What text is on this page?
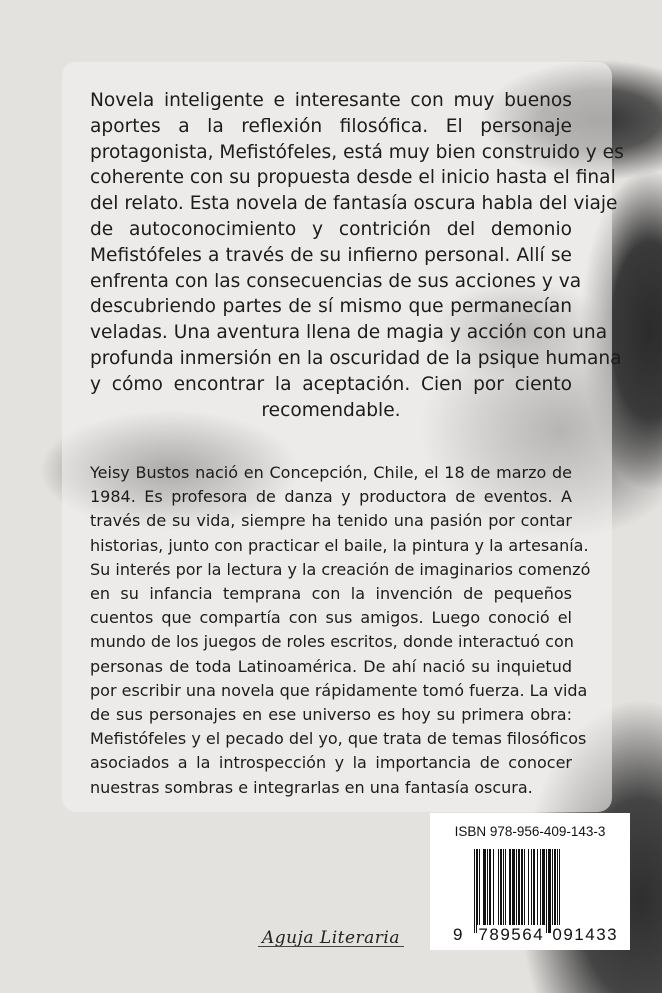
Novela inteligente e interesante con muy buenos
aportes a la reflexión filosófica. El personaje
protagonista, Mefistófeles, está muy bien construido y es
coherente con su propuesta desde el inicio hasta el final
del relato. Esta novela de fantasía oscura habla del viaje
de autoconocimiento y contrición del demonio
Mefistófeles a través de su infierno personal. Allí se
enfrenta con las consecuencias de sus acciones y va
descubriendo partes de sí mismo que permanecían
veladas. Una aventura llena de magia y acción con una
profunda inmersión en la oscuridad de la psique humana
y cómo encontrar la aceptación. Cien por ciento
recomendable.
Yeisy Bustos nació en Concepción, Chile, el 18 de marzo de
1984. Es profesora de danza y productora de eventos. A
través de su vida, siempre ha tenido una pasión por contar
historias, junto con practicar el baile, la pintura y la artesanía.
Su interés por la lectura y la creación de imaginarios comenzó
en su infancia temprana con la invención de pequeños
cuentos que compartía con sus amigos. Luego conoció el
mundo de los juegos de roles escritos, donde interactuó con
personas de toda Latinoamérica. De ahí nació su inquietud
por escribir una novela que rápidamente tomó fuerza. La vida
de sus personajes en ese universo es hoy su primera obra:
Mefistófeles y el pecado del yo, que trata de temas filosóficos
asociados a la introspección y la importancia de conocer
nuestras sombras e integrarlas en una fantasía oscura.
ISBN 978-956-409-143-3
9 789564 091433
Aguja Literaria
